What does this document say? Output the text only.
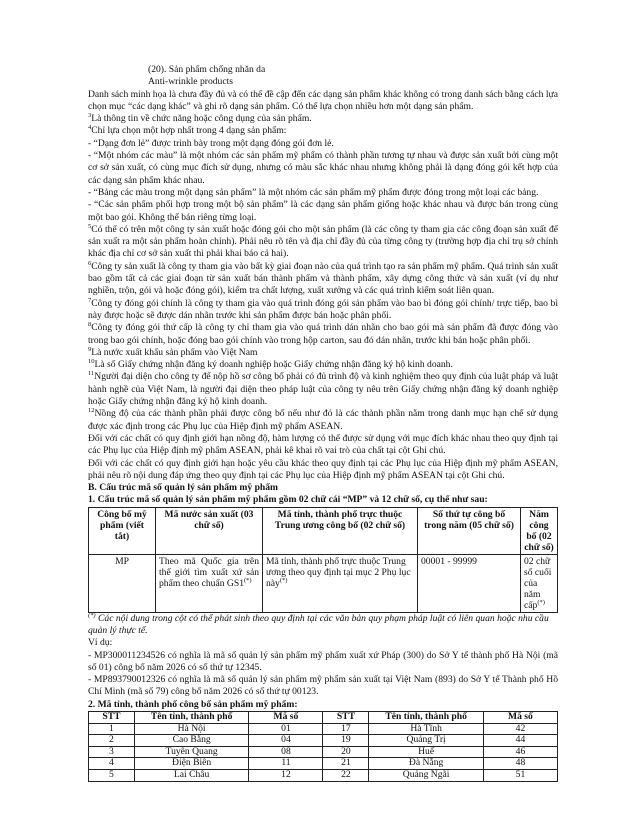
(20). Sản phẩm chống nhăn da

Anti-wrinkle products

Danh sách minh họa là chưa đầy đủ và có thể đề cập đến các dạng sản phẩm khác không có trong danh sách bằng cách lựa chọn mục “các dạng khác” và ghi rõ dạng sản phẩm. Có thể lựa chọn nhiều hơn một dạng sản phẩm.

$^3$Là thông tin về chức năng hoặc công dụng của sản phẩm.

$^4$Chỉ lựa chọn một hợp nhất trong 4 dạng sản phẩm:

- “Dạng đơn lẻ” được trình bày trong một dạng đóng gói đơn lẻ.

- “Một nhóm các màu” là một nhóm các sản phẩm mỹ phẩm có thành phần tương tự nhau và được sản xuất bởi cùng một cơ sở sản xuất, có cùng mục đích sử dụng, nhưng có màu sắc khác nhau nhưng không phải là dạng đóng gói kết hợp của các dạng sản phẩm khác nhau.

- “Bảng các màu trong một dạng sản phẩm” là một nhóm các sản phẩm mỹ phẩm được đóng trong một loại các bảng.

- “Các sản phẩm phối hợp trong một bộ sản phẩm” là các dạng sản phẩm giống hoặc khác nhau và được bán trong cùng một bao gói. Không thể bán riêng từng loại.

$^5$Có thể có trên một công ty sản xuất hoặc đóng gói cho một sản phẩm (là các công ty tham gia các công đoạn sản xuất để sản xuất ra một sản phẩm hoàn chỉnh). Phải nêu rõ tên và địa chỉ đầy đủ của từng công ty (trường hợp địa chỉ trụ sở chính khác địa chỉ cơ sở sản xuất thì phải khai báo cả hai).

$^6$Công ty sản xuất là công ty tham gia vào bất kỳ giai đoạn nào của quá trình tạo ra sản phẩm mỹ phẩm. Quá trình sản xuất bao gồm tất cả các giai đoạn từ sản xuất bán thành phẩm và thành phẩm, xây dựng công thức và sản xuất (ví dụ như nghiền, trộn, gói và hoặc đóng gói), kiểm tra chất lượng, xuất xưởng và các quá trình kiểm soát liên quan.

$^7$Công ty đóng gói chính là công ty tham gia vào quá trình đóng gói sản phẩm vào bao bì đóng gói chính/ trực tiếp, bao bì này được hoặc sẽ được dán nhãn trước khi sản phẩm được bán hoặc phân phối.

$^8$Công ty đóng gói thứ cấp là công ty chỉ tham gia vào quá trình dán nhãn cho bao gói mà sản phẩm đã được đóng vào trong bao gói chính, hoặc đóng bao gói chính vào trong hộp carton, sau đó dán nhãn, trước khi bán hoặc phân phối.

$^9$Là nước xuất khẩu sản phẩm vào Việt Nam

$^{10}$Là số Giấy chứng nhận đăng ký doanh nghiệp hoặc Giấy chứng nhận đăng ký hộ kinh doanh.

$^{11}$Người đại diện cho công ty để nộp hồ sơ công bố phải có đủ trình độ và kinh nghiệm theo quy định của luật pháp và luật hành nghề của Việt Nam, là người đại diện theo pháp luật của công ty nêu trên Giấy chứng nhận đăng ký doanh nghiệp hoặc Giấy chứng nhận đăng ký hộ kinh doanh.

$^{12}$Nồng độ của các thành phần phải được công bố nếu như đó là các thành phần nằm trong danh mục hạn chế sử dụng được xác định trong các Phụ lục của Hiệp định mỹ phẩm ASEAN.

Đối với các chất có quy định giới hạn nồng độ, hàm lượng có thể được sử dụng với mục đích khác nhau theo quy định tại các Phụ lục của Hiệp định mỹ phẩm ASEAN, phải kê khai rõ vai trò của chất tại cột Ghi chú.

Đối với các chất có quy định giới hạn hoặc yêu cầu khác theo quy định tại các Phụ lục của Hiệp định mỹ phẩm ASEAN, phải nêu rõ nội dung đáp ứng theo quy định tại các Phụ lục của Hiệp định mỹ phẩm ASEAN tại cột Ghi chú.

B. Cấu trúc mã số quản lý sản phẩm mỹ phẩm

1. Cấu trúc mã số quản lý sản phẩm mỹ phẩm gồm 02 chữ cái “MP” và 12 chữ số, cụ thể như sau:

Công bố mỹ phẩm (viết tắt)	Mã nước sản xuất (03 chữ số)	Mã tỉnh, thành phố trực thuộc Trung ương công bố (02 chữ số)	Số thứ tự công bố trong năm (05 chữ số)	Năm công bố (02 chữ số)
MP	Theo mã Quốc gia trên thế giới tìm xuất xứ sản phẩm theo chuẩn GS1(*)	Mã tỉnh, thành phố trực thuộc Trung ương theo quy định tại mục 2 Phụ lục này(*)	00001 - 99999	02 chữ số cuối của năm cấp(*)

(*) Các nội dung trong cột có thể phát sinh theo quy định tại các văn bản quy phạm pháp luật có liên quan hoặc nhu cầu quản lý thực tế.

Ví dụ:

- MP300011234526 có nghĩa là mã số quản lý sản phẩm mỹ phẩm xuất xứ Pháp (300) do Sở Y tế thành phố Hà Nội (mã số 01) công bố năm 2026 có số thứ tự 12345.

- MP893790012326 có nghĩa là mã số quản lý sản phẩm mỹ phẩm sản xuất tại Việt Nam (893) do Sở Y tế Thành phố Hồ Chí Minh (mã số 79) công bố năm 2026 có số thứ tự 00123.

2. Mã tỉnh, thành phố công bố sản phẩm mỹ phẩm:

STT	Tên tỉnh, thành phố	Mã số	STT	Tên tỉnh, thành phố	Mã số
1	Hà Nội	01	17	Hà Tĩnh	42
2	Cao Bằng	04	19	Quảng Trị	44
3	Tuyên Quang	08	20	Huế	46
4	Điện Biên	11	21	Đà Nẵng	48
5	Lai Châu	12	22	Quảng Ngãi	51
